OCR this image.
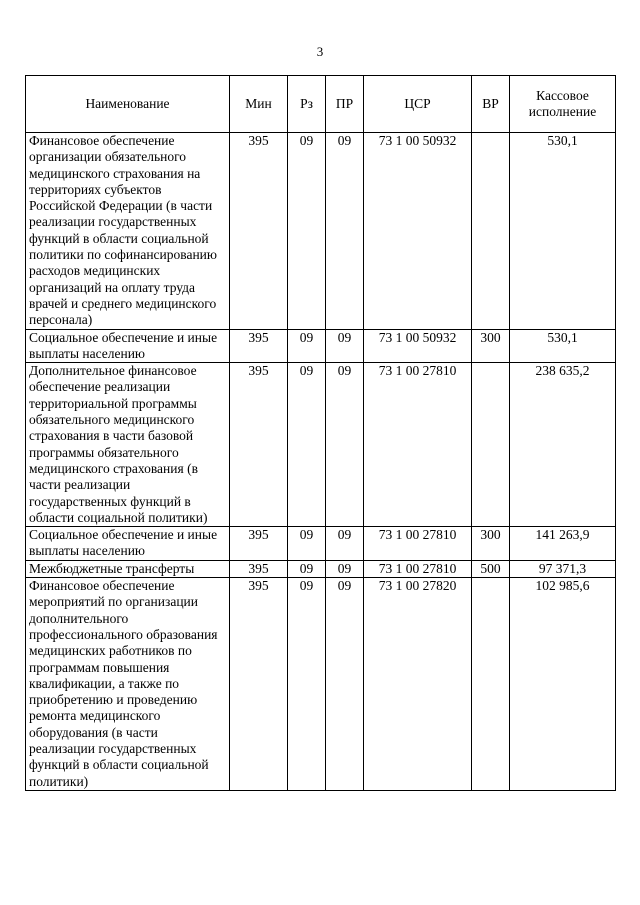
3
Наименование	Мин	Рз	ПР	ЦСР	ВР	Кассовое исполнение
Финансовое обеспечение организации обязательного медицинского страхования на территориях субъектов Российской Федерации (в части реализации государственных функций в области социальной политики по софинансированию расходов медицинских организаций на оплату труда врачей и среднего медицинского персонала)	395	09	09	73 1 00 50932		530,1
Социальное обеспечение и иные выплаты населению	395	09	09	73 1 00 50932	300	530,1
Дополнительное финансовое обеспечение реализации территориальной программы обязательного медицинского страхования в части базовой программы обязательного медицинского страхования (в части реализации государственных функций в области социальной политики)	395	09	09	73 1 00 27810		238 635,2
Социальное обеспечение и иные выплаты населению	395	09	09	73 1 00 27810	300	141 263,9
Межбюджетные трансферты	395	09	09	73 1 00 27810	500	97 371,3
Финансовое обеспечение мероприятий по организации дополнительного профессионального образования медицинских работников по программам повышения квалификации, а также по приобретению и проведению ремонта медицинского оборудования (в части реализации государственных функций в области социальной политики)	395	09	09	73 1 00 27820		102 985,6
